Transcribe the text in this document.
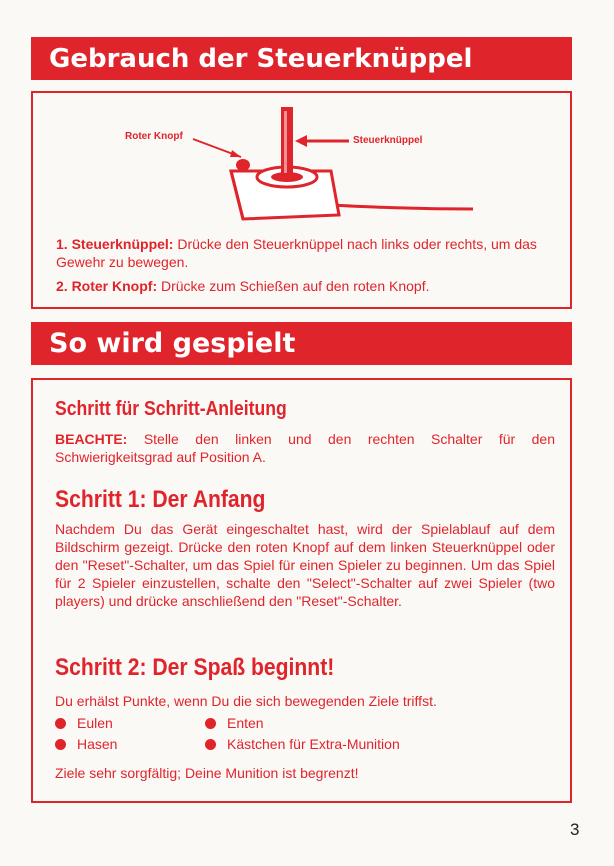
Gebrauch der Steuerknüppel
Roter Knopf	Steuerknüppel
1. Steuerknüppel: Drücke den Steuerknüppel nach links oder rechts, um das Gewehr zu bewegen.
2. Roter Knopf: Drücke zum Schießen auf den roten Knopf.
So wird gespielt
Schritt für Schritt-Anleitung
BEACHTE: Stelle den linken und den rechten Schalter für den Schwierigkeitsgrad auf Position A.
Schritt 1: Der Anfang
Nachdem Du das Gerät eingeschaltet hast, wird der Spielablauf auf dem Bildschirm gezeigt. Drücke den roten Knopf auf dem linken Steuerknüppel oder den "Reset"-Schalter, um das Spiel für einen Spieler zu beginnen. Um das Spiel für 2 Spieler einzustellen, schalte den "Select"-Schalter auf zwei Spieler (two players) und drücke anschließend den "Reset"-Schalter.
Schritt 2: Der Spaß beginnt!
Du erhälst Punkte, wenn Du die sich bewegenden Ziele triffst.
Eulen	Enten
Hasen	Kästchen für Extra-Munition
Ziele sehr sorgfältig; Deine Munition ist begrenzt!
3
